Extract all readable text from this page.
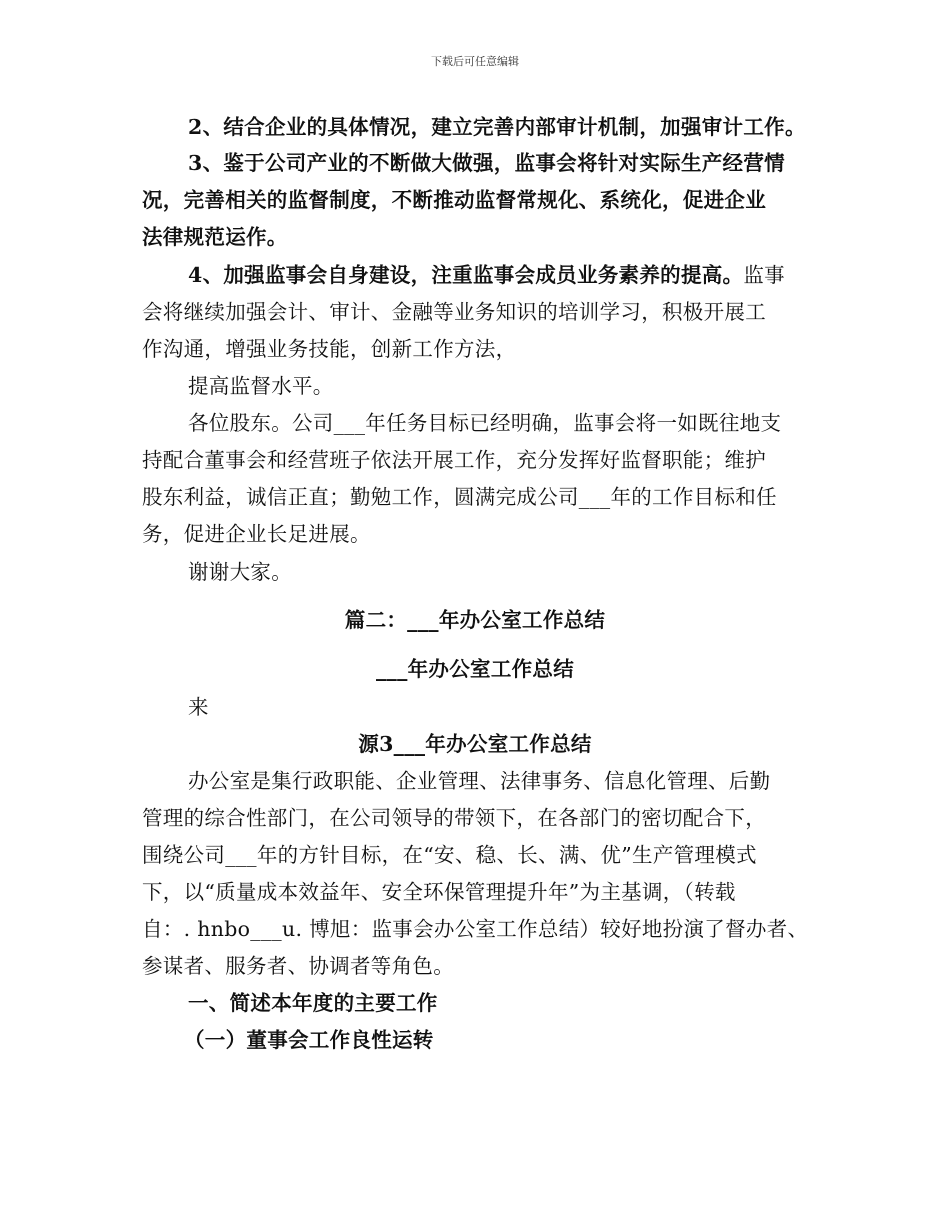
下载后可任意编辑
2、结合企业的具体情况，建立完善内部审计机制，加强审计工作。
3、鉴于公司产业的不断做大做强，监事会将针对实际生产经营情
况，完善相关的监督制度，不断推动监督常规化、系统化，促进企业
法律规范运作。
4、加强监事会自身建设，注重监事会成员业务素养的提高。监事
会将继续加强会计、审计、金融等业务知识的培训学习，积极开展工
作沟通，增强业务技能，创新工作方法，
提高监督水平。
各位股东。公司___年任务目标已经明确，监事会将一如既往地支
持配合董事会和经营班子依法开展工作，充分发挥好监督职能；维护
股东利益，诚信正直；勤勉工作，圆满完成公司___年的工作目标和任
务，促进企业长足进展。
谢谢大家。
篇二：___年办公室工作总结
___年办公室工作总结
来
源3___年办公室工作总结
办公室是集行政职能、企业管理、法律事务、信息化管理、后勤
管理的综合性部门，在公司领导的带领下，在各部门的密切配合下，
围绕公司___年的方针目标，在“安、稳、长、满、优”生产管理模式
下，以“质量成本效益年、安全环保管理提升年”为主基调，（转载
自：. hnbo___u. 博旭：监事会办公室工作总结）较好地扮演了督办者、
参谋者、服务者、协调者等角色。
一、简述本年度的主要工作
（一）董事会工作良性运转
